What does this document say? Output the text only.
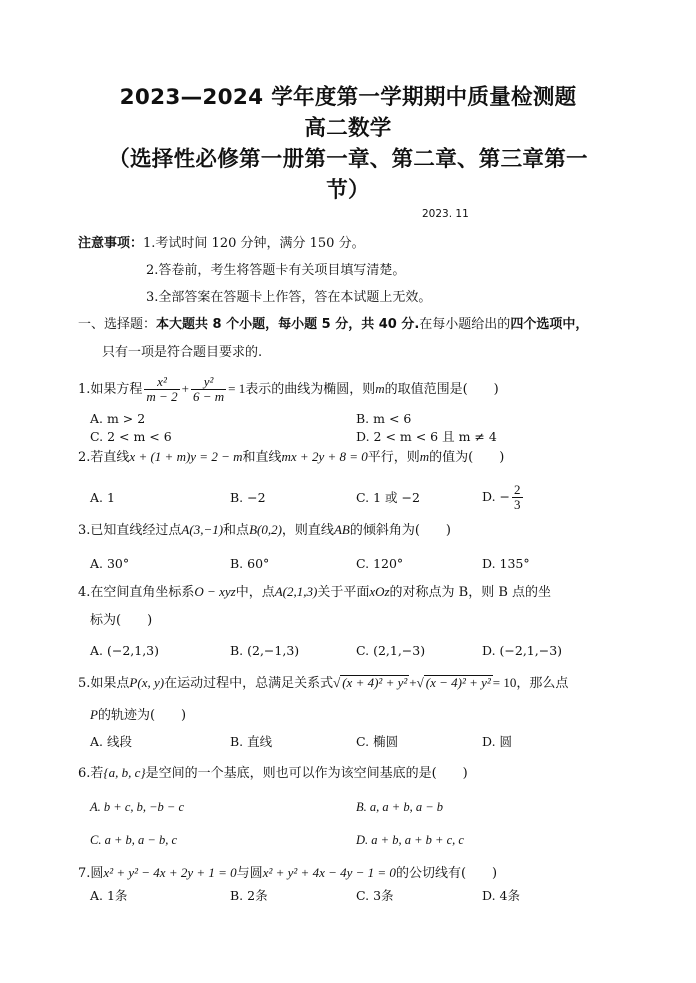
2023—2024 学年度第一学期期中质量检测题
高二数学
（选择性必修第一册第一章、第二章、第三章第一
节）
2023. 11
注意事项：1.考试时间 120 分钟，满分 150 分。
2.答卷前，考生将答题卡有关项目填写清楚。
3.全部答案在答题卡上作答，答在本试题上无效。
一、选择题：本大题共 8 个小题，每小题 5 分，共 40 分.在每小题给出的四个选项中，
只有一项是符合题目要求的.
1.如果方程 $\frac{\text{x²}}{m - 2} + \frac{\text{y²}}{6 - m} = 1$表示的曲线为椭圆，则m的取值范围是(　　)
A. m > 2	B. m < 6
C. 2 < m < 6	D. 2 < m < 6 且 m ≠ 4
2.若直线x + (1 + m)y = 2 − m和直线mx + 2y + 8 = 0平行，则m的值为(　　)
A. 1	B. −2	C. 1 或 −2	D. − $\frac{2}{3}$
3.已知直线经过点A(3,−1)和点B(0,2)，则直线AB的倾斜角为(　　)
A. 30°	B. 60°	C. 120°	D. 135°
4.在空间直角坐标系O − xyz中，点A(2,1,3)关于平面xOz的对称点为 B，则 B 点的坐
标为(　　)
A. (−2,1,3)	B. (2,−1,3)	C. (2,1,−3)	D. (−2,1,−3)
5.如果点P(x, y)在运动过程中，总满足关系式√ (x + 4)² + y² +√ (x − 4)² + y² = 10，那么点
P的轨迹为(　　)
A. 线段	B. 直线	C. 椭圆	D. 圆
6.若{a, b, c}是空间的一个基底，则也可以作为该空间基底的是(　　)
A. b + c, b, −b − c	B. a, a + b, a − b
C. a + b, a − b, c	D. a + b, a + b + c, c
7.圆x² + y² − 4x + 2y + 1 = 0与圆x² + y² + 4x − 4y − 1 = 0的公切线有(　　)
A. 1条	B. 2条	C. 3条	D. 4条
